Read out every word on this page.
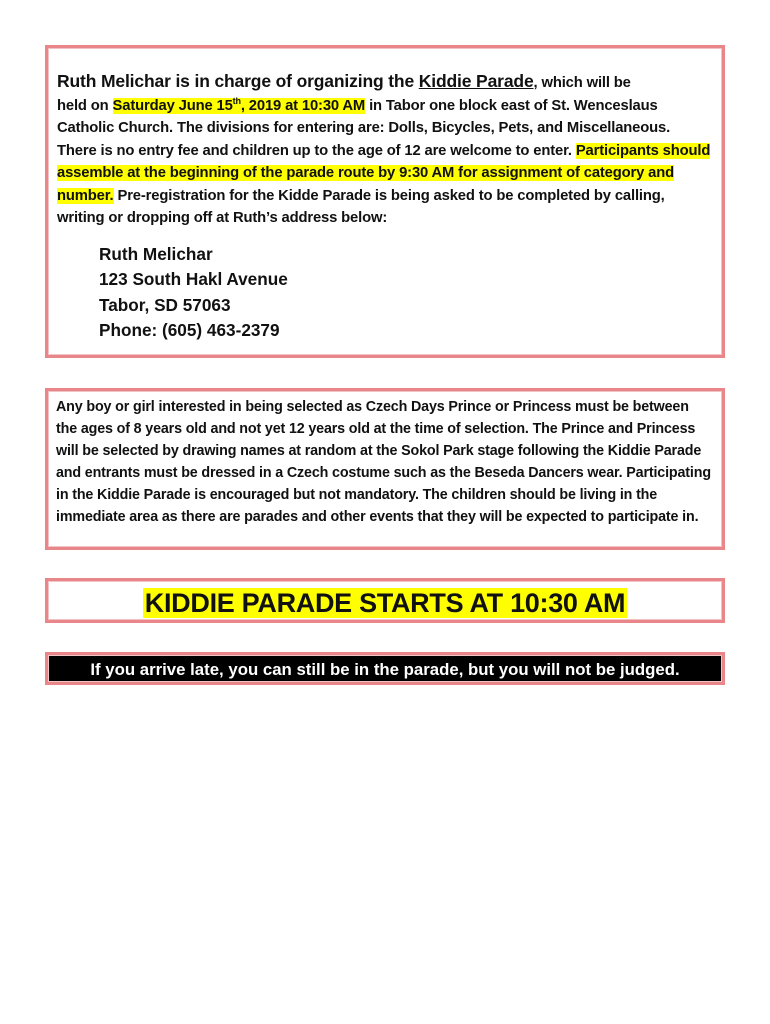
Ruth Melichar is in charge of organizing the Kiddie Parade, which will be
held on Saturday June 15th, 2019 at 10:30 AM in Tabor one block east of St. Wenceslaus Catholic Church. The divisions for entering are: Dolls, Bicycles, Pets, and Miscellaneous. There is no entry fee and children up to the age of 12 are welcome to enter. Participants should assemble at the beginning of the parade route by 9:30 AM for assignment of category and number. Pre-registration for the Kidde Parade is being asked to be completed by calling, writing or dropping off at Ruth’s address below:

Ruth Melichar
123 South Hakl Avenue
Tabor, SD 57063
Phone: (605) 463-2379

Any boy or girl interested in being selected as Czech Days Prince or Princess must be between the ages of 8 years old and not yet 12 years old at the time of selection. The Prince and Princess will be selected by drawing names at random at the Sokol Park stage following the Kiddie Parade and entrants must be dressed in a Czech costume such as the Beseda Dancers wear. Participating in the Kiddie Parade is encouraged but not mandatory. The children should be living in the immediate area as there are parades and other events that they will be expected to participate in.

KIDDIE PARADE STARTS AT 10:30 AM
If you arrive late, you can still be in the parade, but you will not be judged.
